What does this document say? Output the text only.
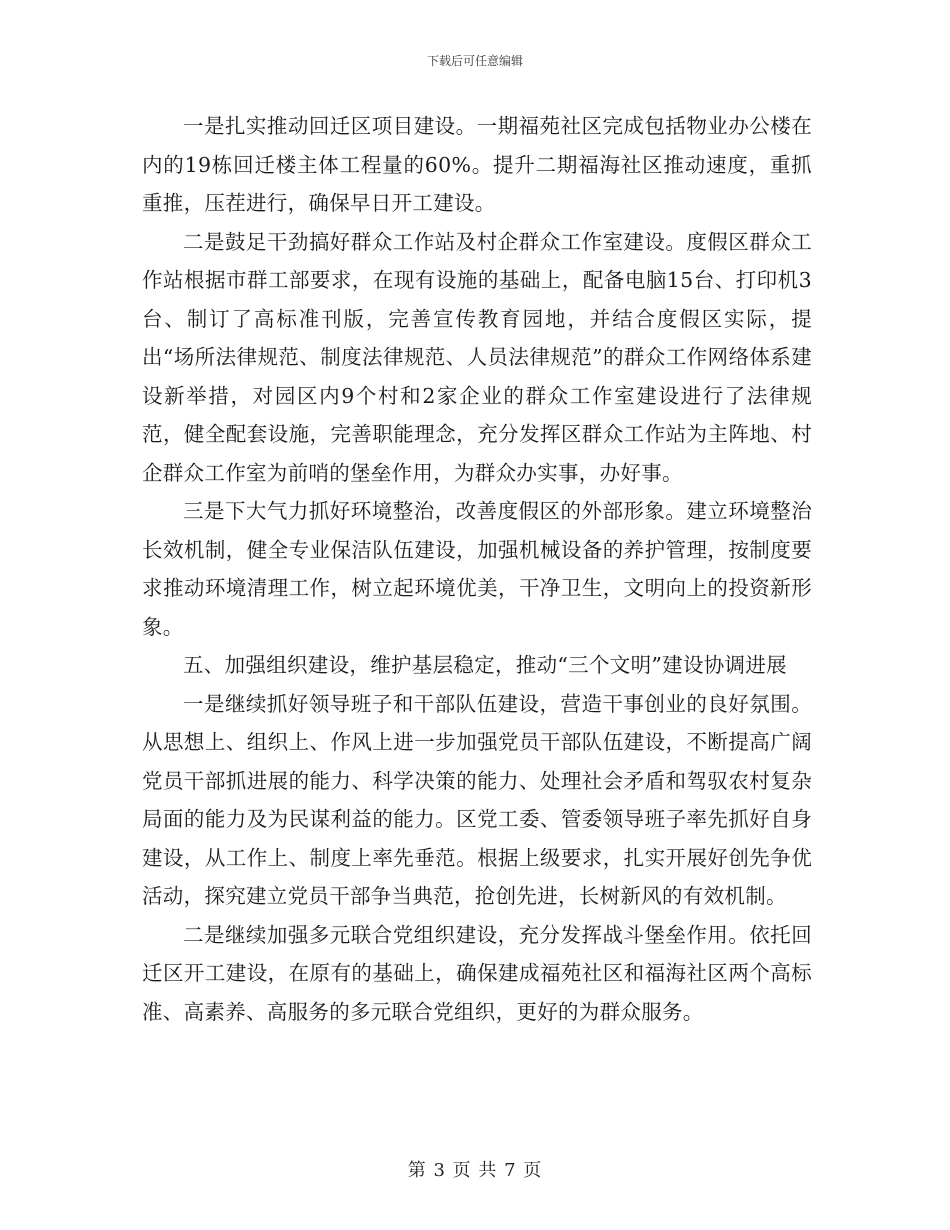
下载后可任意编辑

一是扎实推动回迁区项目建设。一期福苑社区完成包括物业办公楼在内的19栋回迁楼主体工程量的60%。提升二期福海社区推动速度，重抓重推，压茬进行，确保早日开工建设。

二是鼓足干劲搞好群众工作站及村企群众工作室建设。度假区群众工作站根据市群工部要求，在现有设施的基础上，配备电脑15台、打印机3台、制订了高标准刊版，完善宣传教育园地，并结合度假区实际，提出“场所法律规范、制度法律规范、人员法律规范”的群众工作网络体系建设新举措，对园区内9个村和2家企业的群众工作室建设进行了法律规范，健全配套设施，完善职能理念，充分发挥区群众工作站为主阵地、村企群众工作室为前哨的堡垒作用，为群众办实事，办好事。

三是下大气力抓好环境整治，改善度假区的外部形象。建立环境整治长效机制，健全专业保洁队伍建设，加强机械设备的养护管理，按制度要求推动环境清理工作，树立起环境优美，干净卫生，文明向上的投资新形象。

五、加强组织建设，维护基层稳定，推动“三个文明”建设协调进展

一是继续抓好领导班子和干部队伍建设，营造干事创业的良好氛围。从思想上、组织上、作风上进一步加强党员干部队伍建设，不断提高广阔党员干部抓进展的能力、科学决策的能力、处理社会矛盾和驾驭农村复杂局面的能力及为民谋利益的能力。区党工委、管委领导班子率先抓好自身建设，从工作上、制度上率先垂范。根据上级要求，扎实开展好创先争优活动，探究建立党员干部争当典范，抢创先进，长树新风的有效机制。

二是继续加强多元联合党组织建设，充分发挥战斗堡垒作用。依托回迁区开工建设，在原有的基础上，确保建成福苑社区和福海社区两个高标准、高素养、高服务的多元联合党组织，更好的为群众服务。

第 3 页 共 7 页
